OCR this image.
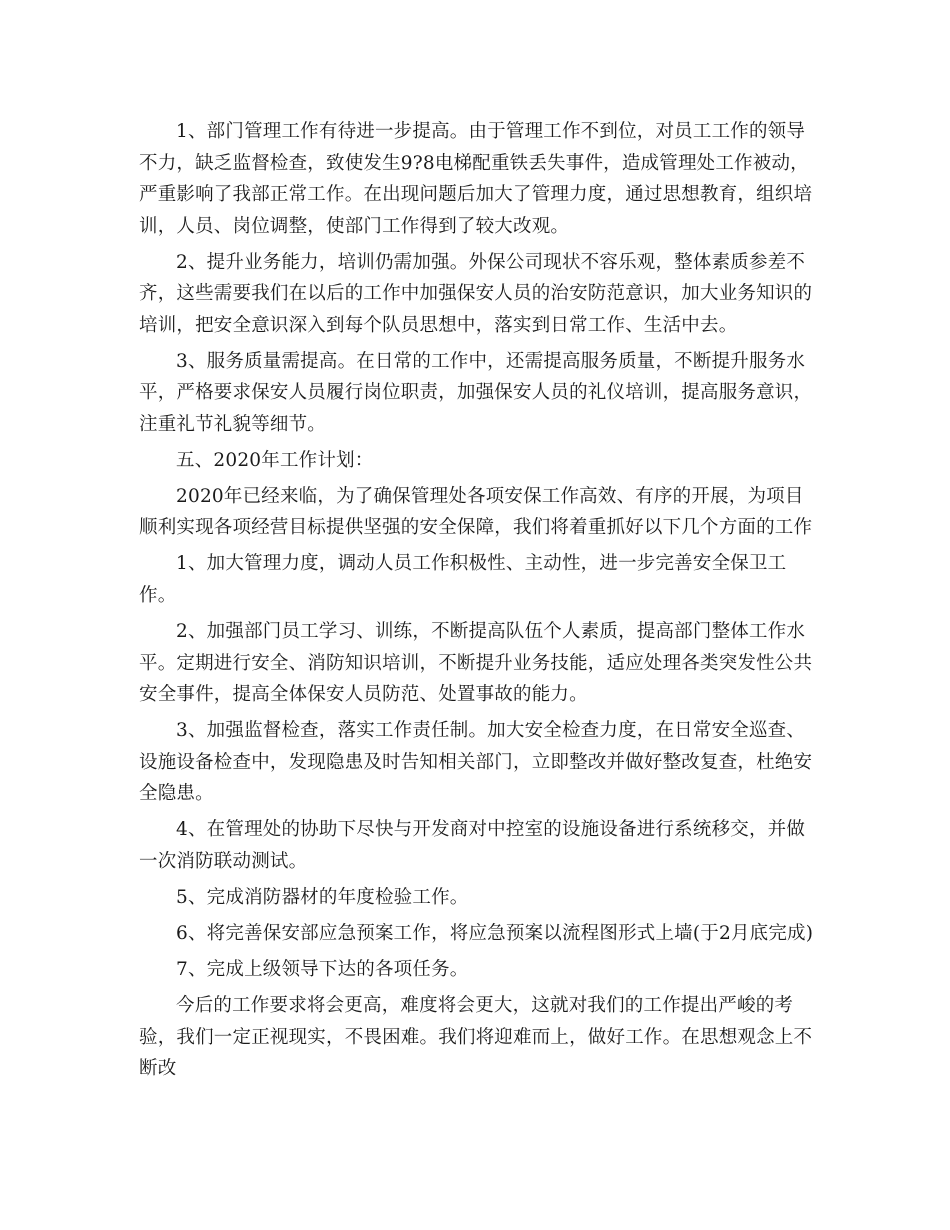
1、部门管理工作有待进一步提高。由于管理工作不到位，对员工工作的领导不力，缺乏监督检查，致使发生9?8电梯配重铁丢失事件，造成管理处工作被动，严重影响了我部正常工作。在出现问题后加大了管理力度，通过思想教育，组织培训，人员、岗位调整，使部门工作得到了较大改观。

2、提升业务能力，培训仍需加强。外保公司现状不容乐观，整体素质参差不齐，这些需要我们在以后的工作中加强保安人员的治安防范意识，加大业务知识的培训，把安全意识深入到每个队员思想中，落实到日常工作、生活中去。

3、服务质量需提高。在日常的工作中，还需提高服务质量，不断提升服务水平，严格要求保安人员履行岗位职责，加强保安人员的礼仪培训，提高服务意识，注重礼节礼貌等细节。

五、2020年工作计划：

2020年已经来临，为了确保管理处各项安保工作高效、有序的开展，为项目顺利实现各项经营目标提供坚强的安全保障，我们将着重抓好以下几个方面的工作

1、加大管理力度，调动人员工作积极性、主动性，进一步完善安全保卫工作。

2、加强部门员工学习、训练，不断提高队伍个人素质，提高部门整体工作水平。定期进行安全、消防知识培训，不断提升业务技能，适应处理各类突发性公共安全事件，提高全体保安人员防范、处置事故的能力。

3、加强监督检查，落实工作责任制。加大安全检查力度，在日常安全巡查、设施设备检查中，发现隐患及时告知相关部门，立即整改并做好整改复查，杜绝安全隐患。

4、在管理处的协助下尽快与开发商对中控室的设施设备进行系统移交，并做一次消防联动测试。

5、完成消防器材的年度检验工作。

6、将完善保安部应急预案工作，将应急预案以流程图形式上墙(于2月底完成)

7、完成上级领导下达的各项任务。

今后的工作要求将会更高，难度将会更大，这就对我们的工作提出严峻的考验，我们一定正视现实，不畏困难。我们将迎难而上，做好工作。在思想观念上不断改
